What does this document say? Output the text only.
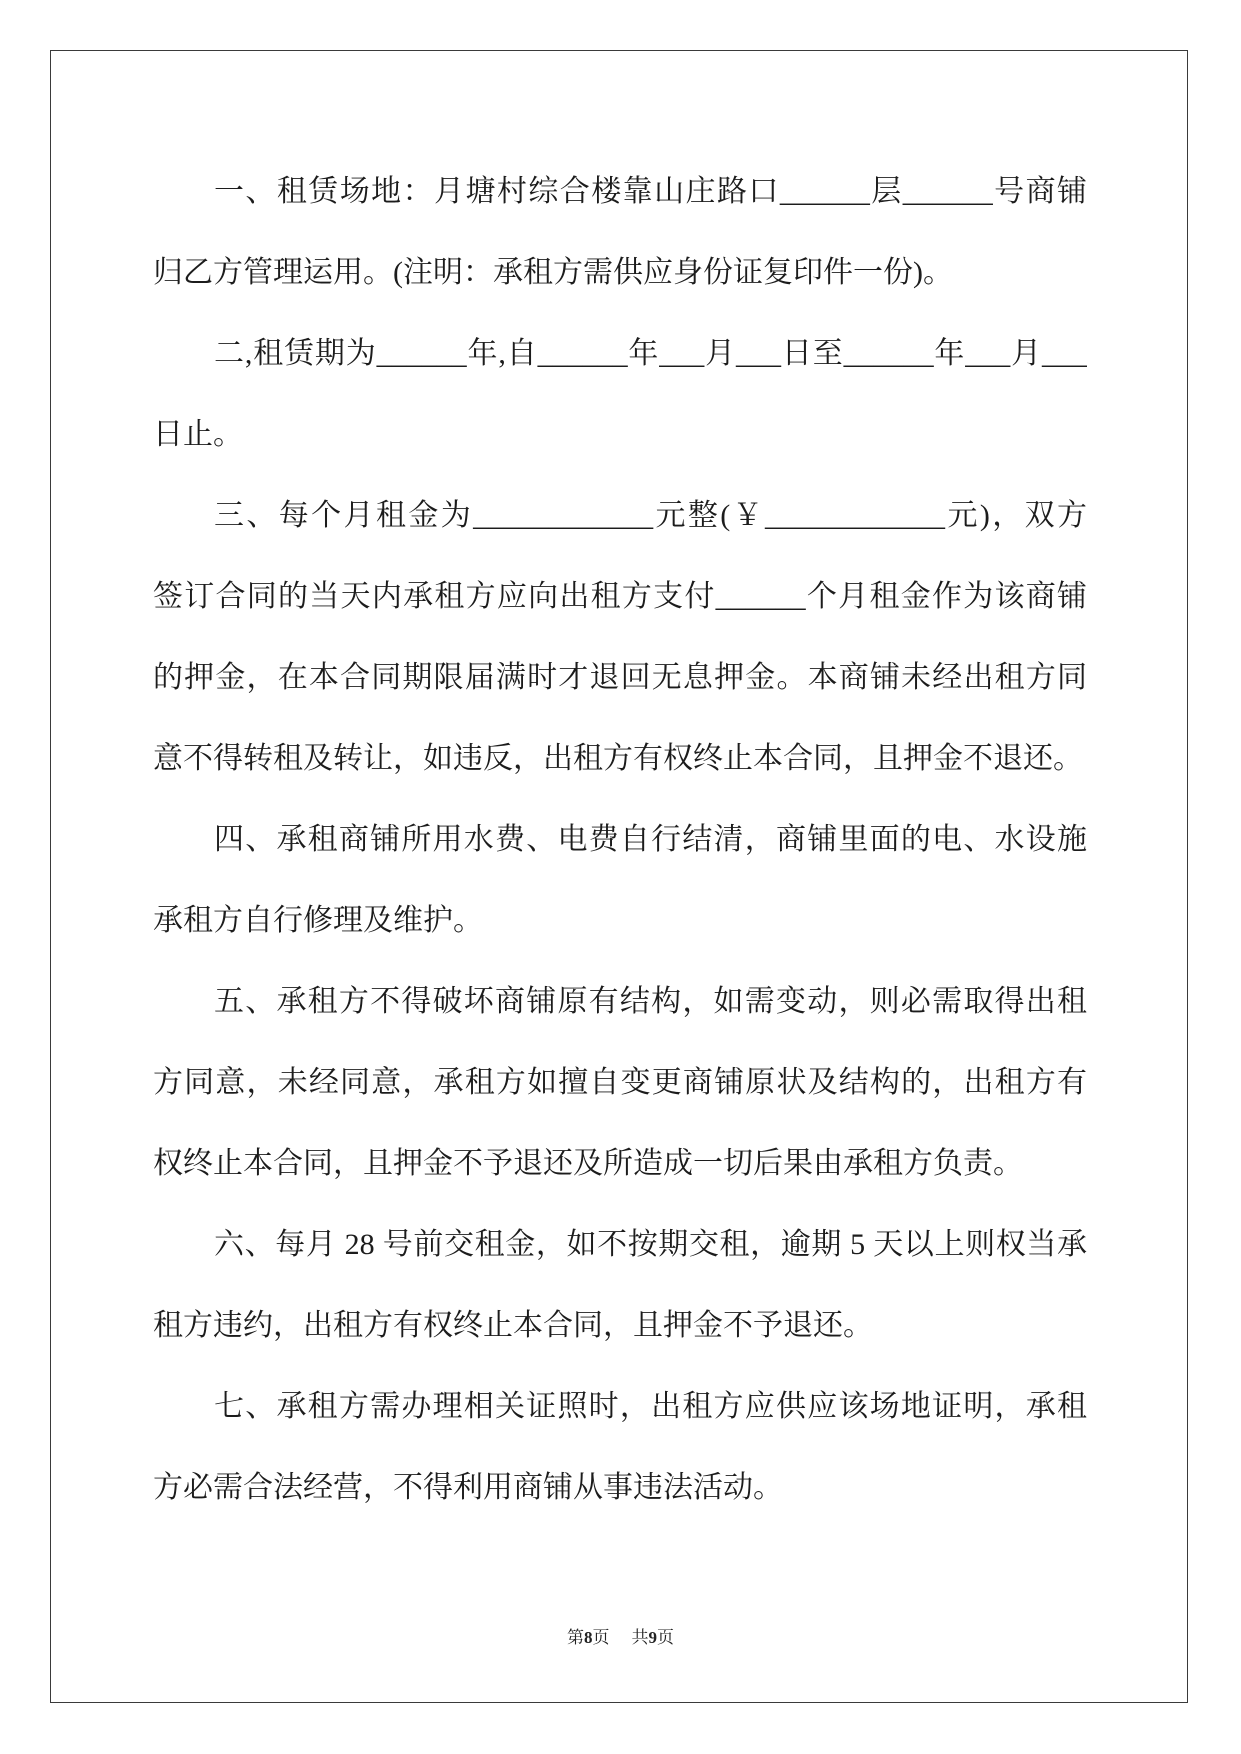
一、租赁场地：月塘村综合楼靠山庄路口______层______号商铺
归乙方管理运用。(注明：承租方需供应身份证复印件一份)。
二,租赁期为______年,自______年___月___日至______年___月___
日止。
三、每个月租金为____________元整(￥____________元)，双方
签订合同的当天内承租方应向出租方支付______个月租金作为该商铺
的押金，在本合同期限届满时才退回无息押金。本商铺未经出租方同
意不得转租及转让，如违反，出租方有权终止本合同，且押金不退还。
四、承租商铺所用水费、电费自行结清，商铺里面的电、水设施
承租方自行修理及维护。
五、承租方不得破坏商铺原有结构，如需变动，则必需取得出租
方同意，未经同意，承租方如擅自变更商铺原状及结构的，出租方有
权终止本合同，且押金不予退还及所造成一切后果由承租方负责。
六、每月 28 号前交租金，如不按期交租，逾期 5 天以上则权当承
租方违约，出租方有权终止本合同，且押金不予退还。
七、承租方需办理相关证照时，出租方应供应该场地证明，承租
方必需合法经营，不得利用商铺从事违法活动。
第8页 共9页
